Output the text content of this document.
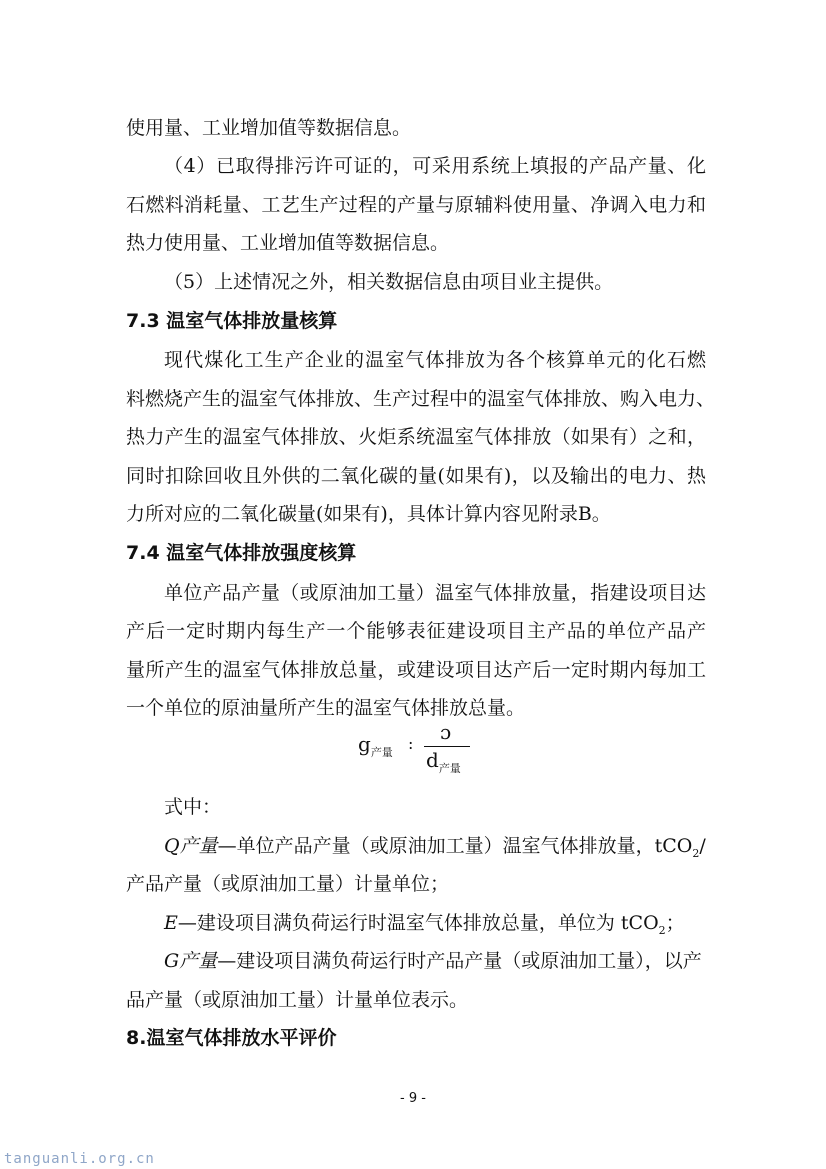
使用量、工业增加值等数据信息。
（4）已取得排污许可证的，可采用系统上填报的产品产量、化
石燃料消耗量、工艺生产过程的产量与原辅料使用量、净调入电力和
热力使用量、工业增加值等数据信息。
（5）上述情况之外，相关数据信息由项目业主提供。
7.3 温室气体排放量核算
现代煤化工生产企业的温室气体排放为各个核算单元的化石燃
料燃烧产生的温室气体排放、生产过程中的温室气体排放、购入电力、
热力产生的温室气体排放、火炬系统温室气体排放（如果有）之和，
同时扣除回收且外供的二氧化碳的量(如果有)，以及输出的电力、热
力所对应的二氧化碳量(如果有)，具体计算内容见附录B。
7.4 温室气体排放强度核算
单位产品产量（或原油加工量）温室气体排放量，指建设项目达
产后一定时期内每生产一个能够表征建设项目主产品的单位产品产
量所产生的温室气体排放总量，或建设项目达产后一定时期内每加工
一个单位的原油量所产生的温室气体排放总量。
$g_{产量}$ : ɔ
$d_{产量}$
式中：
Q产量—单位产品产量（或原油加工量）温室气体排放量，tCO$_2$/
产品产量（或原油加工量）计量单位；
E—建设项目满负荷运行时温室气体排放总量，单位为 tCO$_2$；
G产量—建设项目满负荷运行时产品产量（或原油加工量），以产
品产量（或原油加工量）计量单位表示。
8.温室气体排放水平评价
- 9 -
tanguanli.org.cn
